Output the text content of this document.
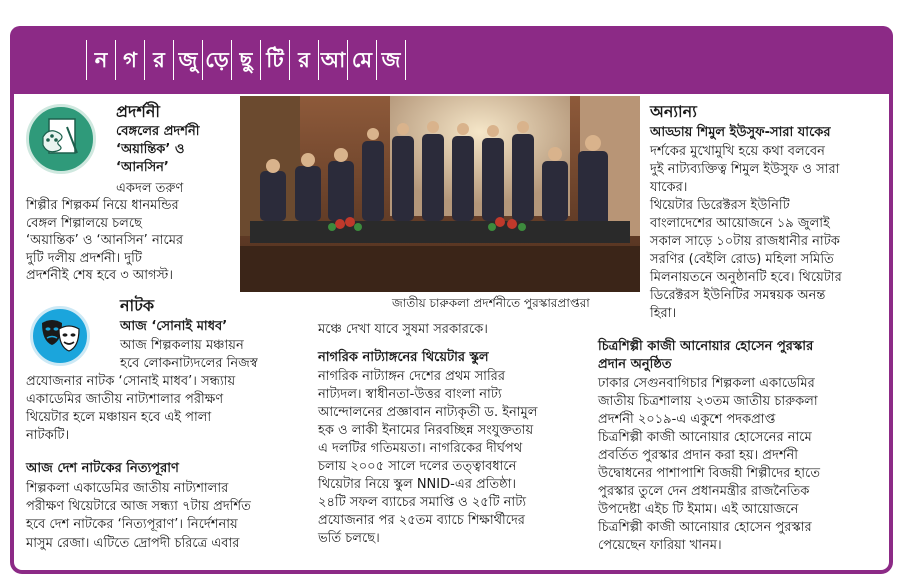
ন গ র জু ড়ে ছু টি র আ মে জ
প্রদর্শনী
বেঙ্গলের প্রদর্শনী
‘অয়ান্তিক’ ও
‘আনসিন’
একদল তরুণ
শিল্পীর শিল্পকর্ম নিয়ে ধানমন্ডির
বেঙ্গল শিল্পালয়ে চলছে
‘অয়ান্তিক’ ও ‘আনসিন’ নামের
দুটি দলীয় প্রদর্শনী। দুটি
প্রদর্শনীই শেষ হবে ৩ আগস্ট।
নাটক
আজ ‘সোনাই মাধব’
আজ শিল্পকলায় মঞ্চায়ন
হবে লোকনাট্যদলের নিজস্ব
প্রযোজনার নাটক ‘সোনাই মাধব’। সন্ধ্যায়
একাডেমির জাতীয় নাট্যশালার পরীক্ষণ
থিয়েটার হলে মঞ্চায়ন হবে এই পালা
নাটকটি।
আজ দেশ নাটকের নিত্যপূরাণ
শিল্পকলা একাডেমির জাতীয় নাট্যশালার
পরীক্ষণ থিয়েটারে আজ সন্ধ্যা ৭টায় প্রদর্শিত
হবে দেশ নাটকের ‘নিত্যপূরাণ’। নির্দেশনায়
মাসুম রেজা। এটিতে দ্রোপদী চরিত্রে এবার
জাতীয় চারুকলা প্রদর্শনীতে পুরস্কারপ্রাপ্তরা
মঞ্চে দেখা যাবে সুষমা সরকারকে।
নাগরিক নাট্যাঙ্গনের থিয়েটার স্কুল
নাগরিক নাট্যাঙ্গন দেশের প্রথম সারির
নাট্যদল। স্বাধীনতা-উত্তর বাংলা নাট্য
আন্দোলনের প্রজ্ঞাবান নাট্যকৃতী ড. ইনামুল
হক ও লাকী ইনামের নিরবচ্ছিন্ন সংযুক্ততায়
এ দলটির গতিময়তা। নাগরিকের দীর্ঘপথ
চলায় ২০০৫ সালে দলের তত্ত্বাবধানে
থিয়েটার নিয়ে স্কুল NNID-এর প্রতিষ্ঠা।
২৪টি সফল ব্যাচের সমাপ্তি ও ২৫টি নাট্য
প্রযোজনার পর ২৫তম ব্যাচে শিক্ষার্থীদের
ভর্তি চলছে।
অন্যান্য
আড্ডায় শিমুল ইউসুফ-সারা যাকের
দর্শকের মুখোমুখি হয়ে কথা বলবেন
দুই নাট্যব্যক্তিত্ব শিমুল ইউসুফ ও সারা
যাকের।
থিয়েটার ডিরেক্টরস ইউনিটি
বাংলাদেশের আয়োজনে ১৯ জুলাই
সকাল সাড়ে ১০টায় রাজধানীর নাটক
সরণির (বেইলি রোড) মহিলা সমিতি
মিলনায়তনে অনুষ্ঠানটি হবে। থিয়েটার
ডিরেক্টরস ইউনিটির সমন্বয়ক অনন্ত
হিরা।
চিত্রশিল্পী কাজী আনোয়ার হোসেন পুরস্কার
প্রদান অনুষ্ঠিত
ঢাকার সেগুনবাগিচার শিল্পকলা একাডেমির
জাতীয় চিত্রশালায় ২৩তম জাতীয় চারুকলা
প্রদর্শনী ২০১৯-এ একুশে পদকপ্রাপ্ত
চিত্রশিল্পী কাজী আনোয়ার হোসেনের নামে
প্রবর্তিত পুরস্কার প্রদান করা হয়। প্রদর্শনী
উদ্বোধনের পাশাপাশি বিজয়ী শিল্পীদের হাতে
পুরস্কার তুলে দেন প্রধানমন্ত্রীর রাজনৈতিক
উপদেষ্টা এইচ টি ইমাম। এই আয়োজনে
চিত্রশিল্পী কাজী আনোয়ার হোসেন পুরস্কার
পেয়েছেন ফারিয়া খানম।
